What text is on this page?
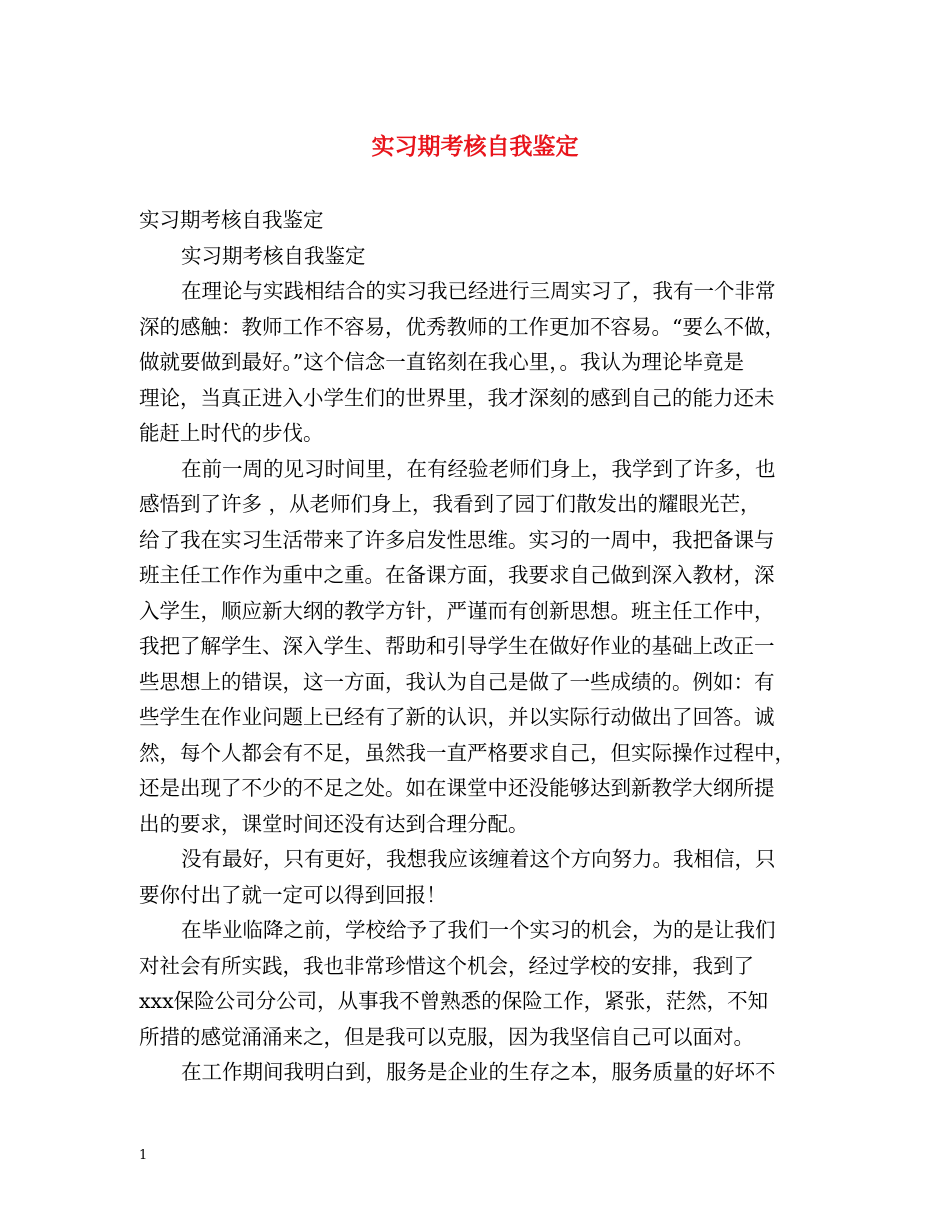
实习期考核自我鉴定
实习期考核自我鉴定
实习期考核自我鉴定
在理论与实践相结合的实习我已经进行三周实习了，我有一个非常
深的感触：教师工作不容易，优秀教师的工作更加不容易。“要么不做，
做就要做到最好。”这个信念一直铭刻在我心里，。我认为理论毕竟是
理论，当真正进入小学生们的世界里，我才深刻的感到自己的能力还未
能赶上时代的步伐。
在前一周的见习时间里，在有经验老师们身上，我学到了许多，也
感悟到了许多 ，从老师们身上，我看到了园丁们散发出的耀眼光芒，
给了我在实习生活带来了许多启发性思维。实习的一周中，我把备课与
班主任工作作为重中之重。在备课方面，我要求自己做到深入教材，深
入学生，顺应新大纲的教学方针，严谨而有创新思想。班主任工作中，
我把了解学生、深入学生、帮助和引导学生在做好作业的基础上改正一
些思想上的错误，这一方面，我认为自己是做了一些成绩的。例如：有
些学生在作业问题上已经有了新的认识，并以实际行动做出了回答。诚
然，每个人都会有不足，虽然我一直严格要求自己，但实际操作过程中，
还是出现了不少的不足之处。如在课堂中还没能够达到新教学大纲所提
出的要求，课堂时间还没有达到合理分配。
没有最好，只有更好，我想我应该缠着这个方向努力。我相信，只
要你付出了就一定可以得到回报！
在毕业临降之前，学校给予了我们一个实习的机会，为的是让我们
对社会有所实践，我也非常珍惜这个机会，经过学校的安排，我到了
xxx保险公司分公司，从事我不曾熟悉的保险工作，紧张，茫然，不知
所措的感觉涌涌来之，但是我可以克服，因为我坚信自己可以面对。
在工作期间我明白到，服务是企业的生存之本，服务质量的好坏不
1
